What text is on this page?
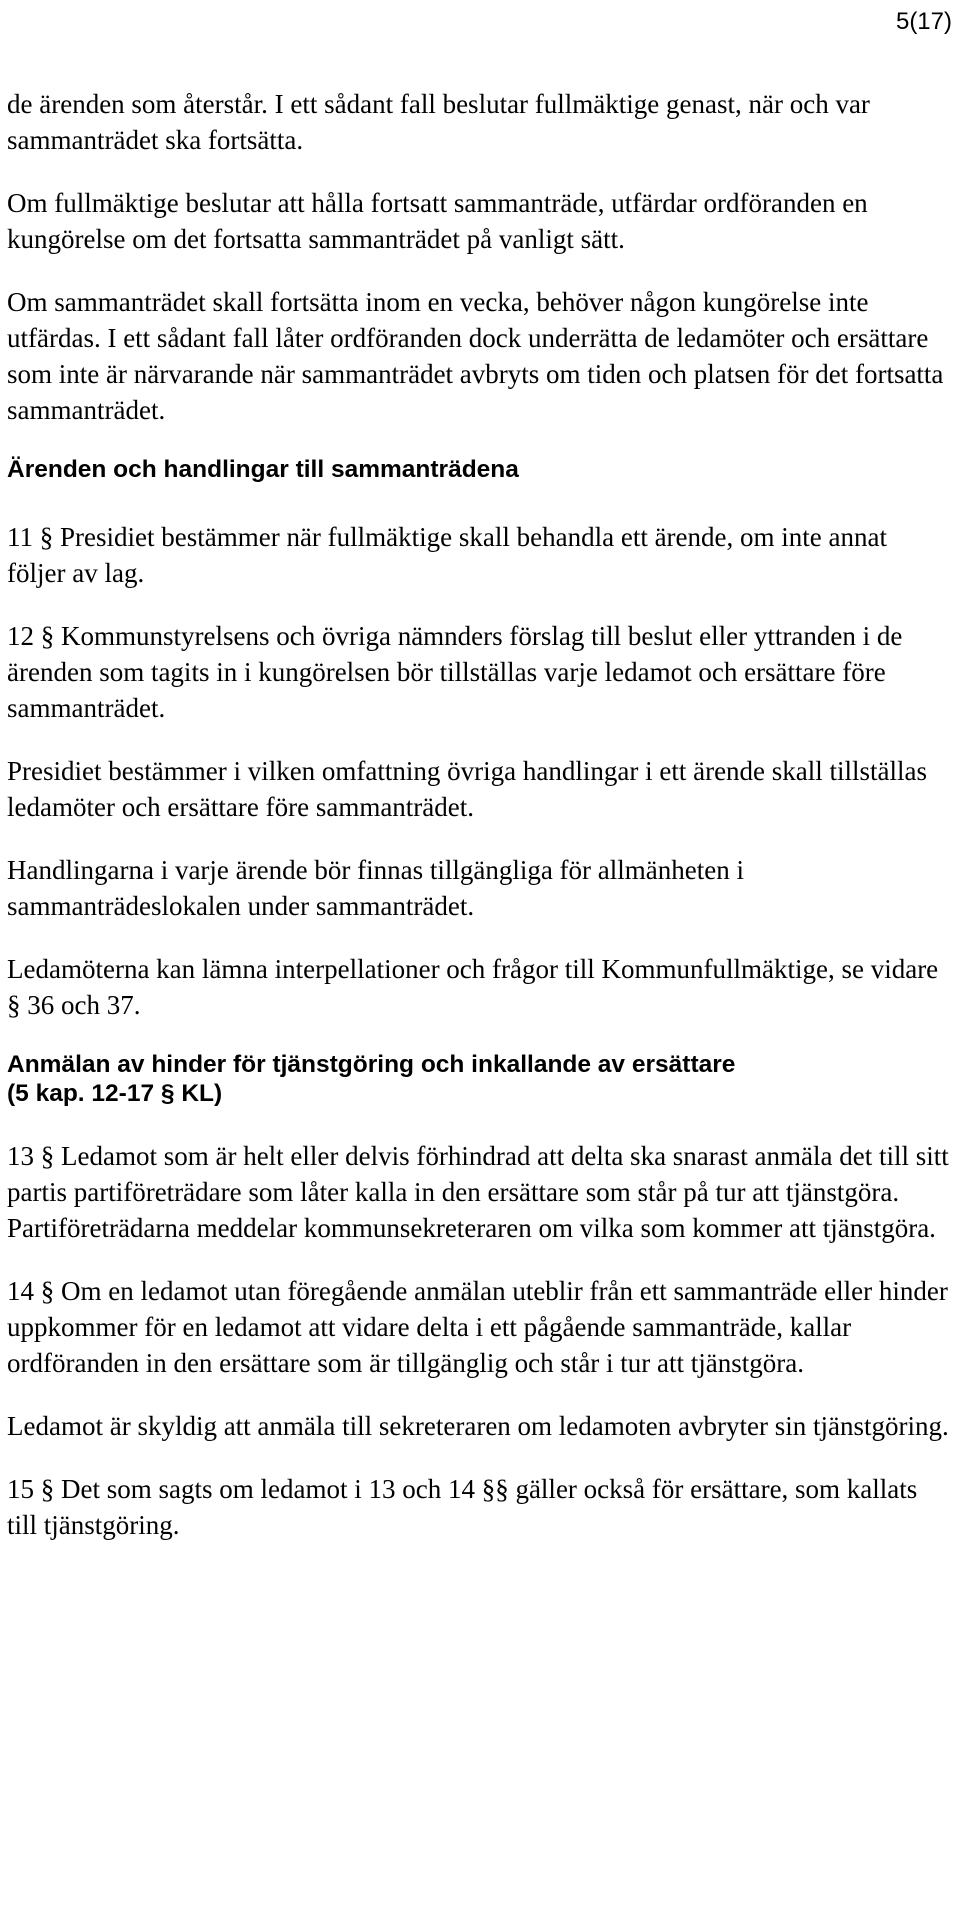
5(17)

de ärenden som återstår. I ett sådant fall beslutar fullmäktige genast, när och var sammanträdet ska fortsätta.

Om fullmäktige beslutar att hålla fortsatt sammanträde, utfärdar ordföranden en kungörelse om det fortsatta sammanträdet på vanligt sätt.

Om sammanträdet skall fortsätta inom en vecka, behöver någon kungörelse inte utfärdas. I ett sådant fall låter ordföranden dock underrätta de ledamöter och ersättare som inte är närvarande när sammanträdet avbryts om tiden och platsen för det fortsatta sammanträdet.

Ärenden och handlingar till sammanträdena

11 § Presidiet bestämmer när fullmäktige skall behandla ett ärende, om inte annat följer av lag.

12 § Kommunstyrelsens och övriga nämnders förslag till beslut eller yttranden i de ärenden som tagits in i kungörelsen bör tillställas varje ledamot och ersättare före sammanträdet.

Presidiet bestämmer i vilken omfattning övriga handlingar i ett ärende skall tillställas ledamöter och ersättare före sammanträdet.

Handlingarna i varje ärende bör finnas tillgängliga för allmänheten i sammanträdeslokalen under sammanträdet.

Ledamöterna kan lämna interpellationer och frågor till Kommunfullmäktige, se vidare § 36 och 37.

Anmälan av hinder för tjänstgöring och inkallande av ersättare
(5 kap. 12-17 § KL)

13 § Ledamot som är helt eller delvis förhindrad att delta ska snarast anmäla det till sitt partis partiföreträdare som låter kalla in den ersättare som står på tur att tjänstgöra. Partiföreträdarna meddelar kommunsekreteraren om vilka som kommer att tjänstgöra.

14 § Om en ledamot utan föregående anmälan uteblir från ett sammanträde eller hinder uppkommer för en ledamot att vidare delta i ett pågående sammanträde, kallar ordföranden in den ersättare som är tillgänglig och står i tur att tjänstgöra.

Ledamot är skyldig att anmäla till sekreteraren om ledamoten avbryter sin tjänstgöring.

15 § Det som sagts om ledamot i 13 och 14 §§ gäller också för ersättare, som kallats till tjänstgöring.
